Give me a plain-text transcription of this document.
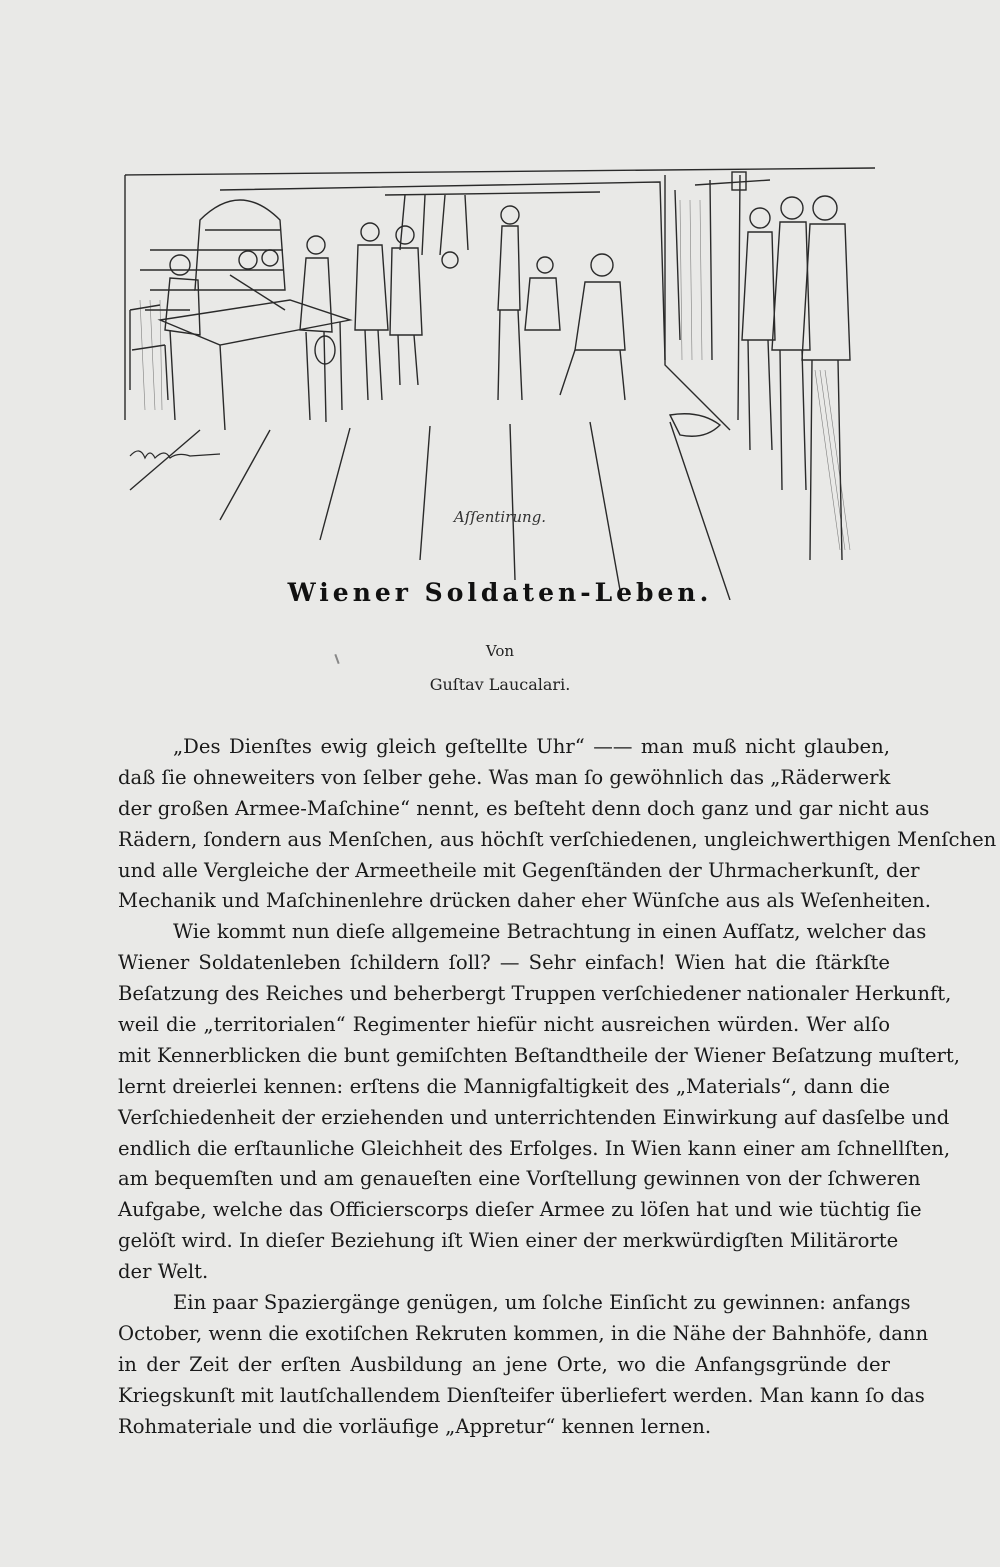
Aſſentirung.
Wiener Soldaten-Leben.
Von
Guſtav Laucalari.
„Des Dienſtes ewig gleich geſtellte Uhr“ —— man muß nicht glauben,
daß ſie ohneweiters von ſelber gehe. Was man ſo gewöhnlich das „Räderwerk
der großen Armee-Maſchine“ nennt, es beſteht denn doch ganz und gar nicht aus
Rädern, ſondern aus Menſchen, aus höchſt verſchiedenen, ungleichwerthigen Menſchen
und alle Vergleiche der Armeetheile mit Gegenſtänden der Uhrmacherkunſt, der
Mechanik und Maſchinenlehre drücken daher eher Wünſche aus als Weſenheiten.
Wie kommt nun dieſe allgemeine Betrachtung in einen Aufſatz, welcher das
Wiener Soldatenleben ſchildern ſoll? — Sehr einfach! Wien hat die ſtärkſte
Beſatzung des Reiches und beherbergt Truppen verſchiedener nationaler Herkunft,
weil die „territorialen“ Regimenter hiefür nicht ausreichen würden. Wer alſo
mit Kennerblicken die bunt gemiſchten Beſtandtheile der Wiener Beſatzung muſtert,
lernt dreierlei kennen: erſtens die Mannigfaltigkeit des „Materials“, dann die
Verſchiedenheit der erziehenden und unterrichtenden Einwirkung auf dasſelbe und
endlich die erſtaunliche Gleichheit des Erfolges. In Wien kann einer am ſchnellſten,
am bequemſten und am genaueſten eine Vorſtellung gewinnen von der ſchweren
Aufgabe, welche das Officierscorps dieſer Armee zu löſen hat und wie tüchtig ſie
gelöſt wird. In dieſer Beziehung iſt Wien einer der merkwürdigſten Militärorte
der Welt.
Ein paar Spaziergänge genügen, um ſolche Einſicht zu gewinnen: anfangs
October, wenn die exotiſchen Rekruten kommen, in die Nähe der Bahnhöfe, dann
in der Zeit der erſten Ausbildung an jene Orte, wo die Anfangsgründe der
Kriegskunſt mit lautſchallendem Dienſteifer überliefert werden. Man kann ſo das
Rohmateriale und die vorläufige „Appretur“ kennen lernen.
